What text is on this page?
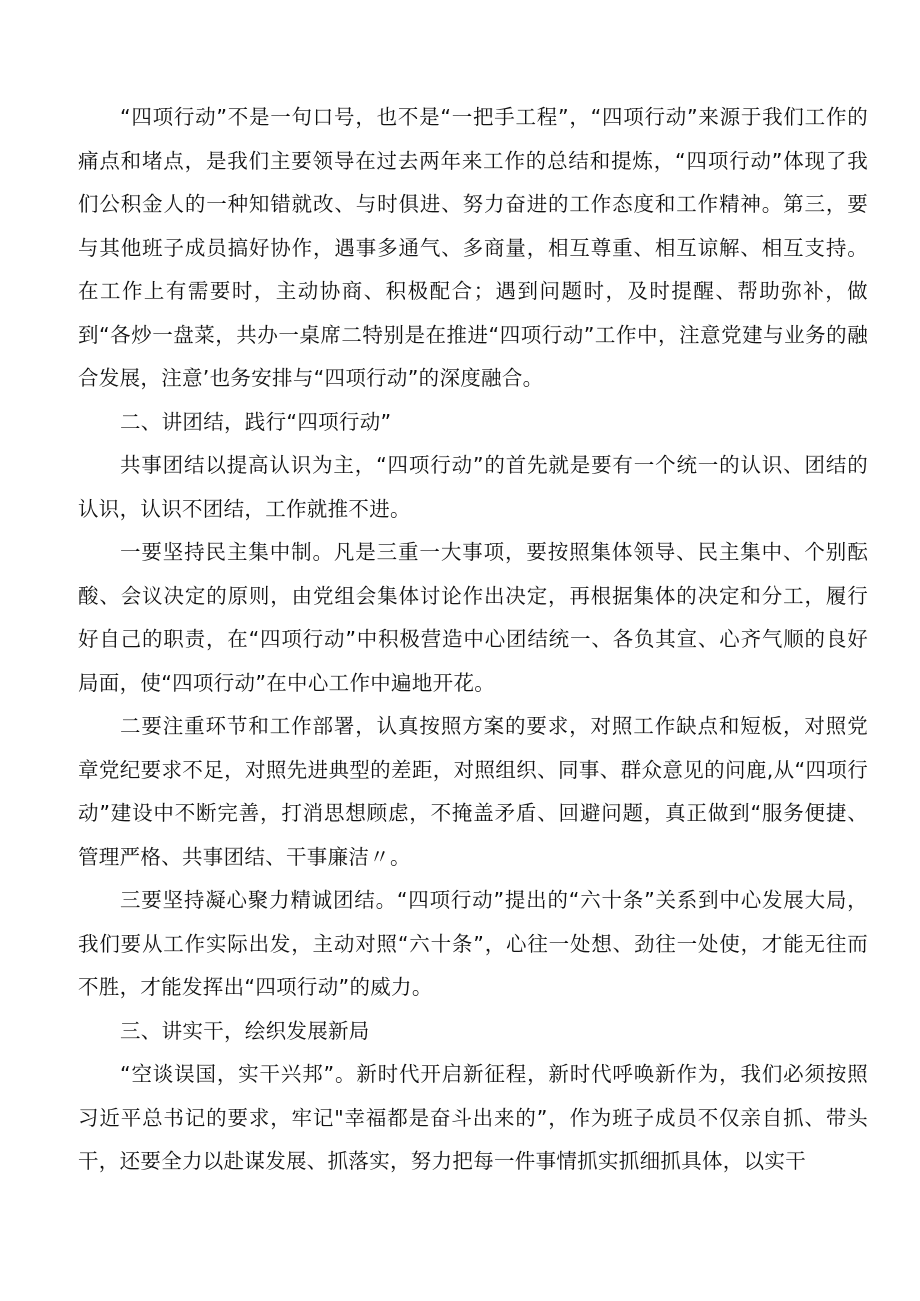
“四项行动”不是一句口号，也不是“一把手工程”，“四项行动”来源于我们工作的痛点和堵点，是我们主要领导在过去两年来工作的总结和提炼，“四项行动”体现了我们公积金人的一种知错就改、与时俱进、努力奋进的工作态度和工作精神。第三，要与其他班子成员搞好协作，遇事多通气、多商量，相互尊重、相互谅解、相互支持。在工作上有需要时，主动协商、积极配合；遇到问题时，及时提醒、帮助弥补，做到“各炒一盘菜，共办一桌席二特别是在推进“四项行动”工作中，注意党建与业务的融合发展，注意’也务安排与“四项行动”的深度融合。

二、讲团结，践行“四项行动”

共事团结以提高认识为主，“四项行动”的首先就是要有一个统一的认识、团结的认识，认识不团结，工作就推不进。

一要坚持民主集中制。凡是三重一大事项，要按照集体领导、民主集中、个别酝酸、会议决定的原则，由党组会集体讨论作出决定，再根据集体的决定和分工，履行好自己的职责，在“四项行动”中积极营造中心团结统一、各负其宣、心齐气顺的良好局面，使“四项行动”在中心工作中遍地开花。

二要注重环节和工作部署，认真按照方案的要求，对照工作缺点和短板，对照党章党纪要求不足，对照先进典型的差距，对照组织、同事、群众意见的问鹿,从“四项行动”建设中不断完善，打消思想顾虑，不掩盖矛盾、回避问题，真正做到“服务便捷、管理严格、共事团结、干事廉洁〃。

三要坚持凝心聚力精诚团结。“四项行动”提出的“六十条”关系到中心发展大局，我们要从工作实际出发，主动对照“六十条”，心往一处想、劲往一处使，才能无往而不胜，才能发挥出“四项行动”的威力。

三、讲实干，绘织发展新局

“空谈误国，实干兴邦”。新时代开启新征程，新时代呼唤新作为，我们必须按照习近平总书记的要求，牢记"幸福都是奋斗出来的”，作为班子成员不仅亲自抓、带头干，还要全力以赴谋发展、抓落实，努力把每一件事情抓实抓细抓具体，以实干
